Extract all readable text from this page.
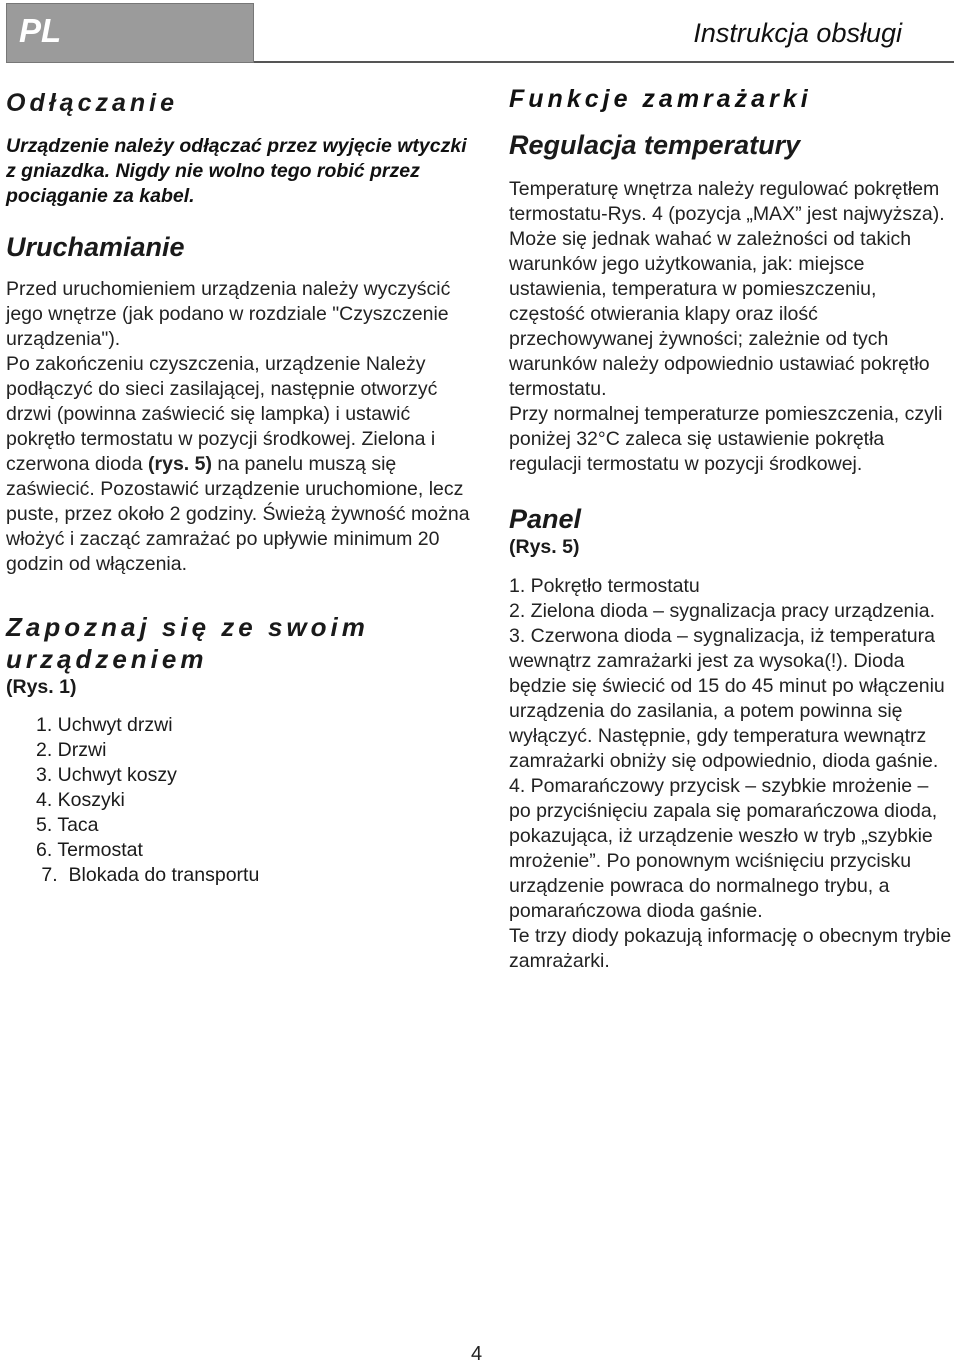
PL	Instrukcja obsługi
Odłączanie

Urządzenie należy odłączać przez wyjęcie wtyczki z gniazdka. Nigdy nie wolno tego robić przez pociąganie za kabel.

Uruchamianie

Przed uruchomieniem urządzenia należy wyczyścić jego wnętrze (jak podano w rozdziale "Czyszczenie urządzenia").

Po zakończeniu czyszczenia, urządzenie Należy podłączyć do sieci zasilającej, następnie otworzyć drzwi (powinna zaświecić się lampka) i ustawić pokrętło termostatu w pozycji środkowej. Zielona i czerwona dioda (rys. 5) na panelu muszą się zaświecić. Pozostawić urządzenie uruchomione, lecz puste, przez około 2 godziny. Świeżą żywność można włożyć i zacząć zamrażać po upływie minimum 20 godzin od włączenia.

Zapoznaj się ze swoim urządzeniem
(Rys. 1)
1. Uchwyt drzwi
2. Drzwi
3. Uchwyt koszy
4. Koszyki
5. Taca
6. Termostat
7.  Blokada do transportu
Funkcje zamrażarki
Regulacja temperatury

Temperaturę wnętrza należy regulować pokrętłem termostatu-Rys. 4 (pozycja „MAX” jest najwyższa). Może się jednak wahać w zależności od takich warunków jego użytkowania, jak: miejsce ustawienia, temperatura w pomieszczeniu, częstość otwierania klapy oraz ilość przechowywanej żywności; zależnie od tych warunków należy odpowiednio ustawiać pokrętło termostatu.

Przy normalnej temperaturze pomieszczenia, czyli poniżej 32°C zaleca się ustawienie pokrętła regulacji termostatu w pozycji środkowej.

Panel
(Rys. 5)

1. Pokrętło termostatu
2. Zielona dioda – sygnalizacja pracy urządzenia.
3. Czerwona dioda – sygnalizacja, iż temperatura wewnątrz zamrażarki jest za wysoka(!). Dioda będzie się świecić od 15 do 45 minut po włączeniu urządzenia do zasilania, a potem powinna się wyłączyć. Następnie, gdy temperatura wewnątrz zamrażarki obniży się odpowiednio, dioda gaśnie.
4. Pomarańczowy przycisk – szybkie mrożenie – po przyciśnięciu zapala się pomarańczowa dioda, pokazująca, iż urządzenie weszło w tryb „szybkie mrożenie”. Po ponownym wciśnięciu przycisku urządzenie powraca do normalnego trybu, a pomarańczowa dioda gaśnie.
Te trzy diody pokazują informację o obecnym trybie zamrażarki.

4
